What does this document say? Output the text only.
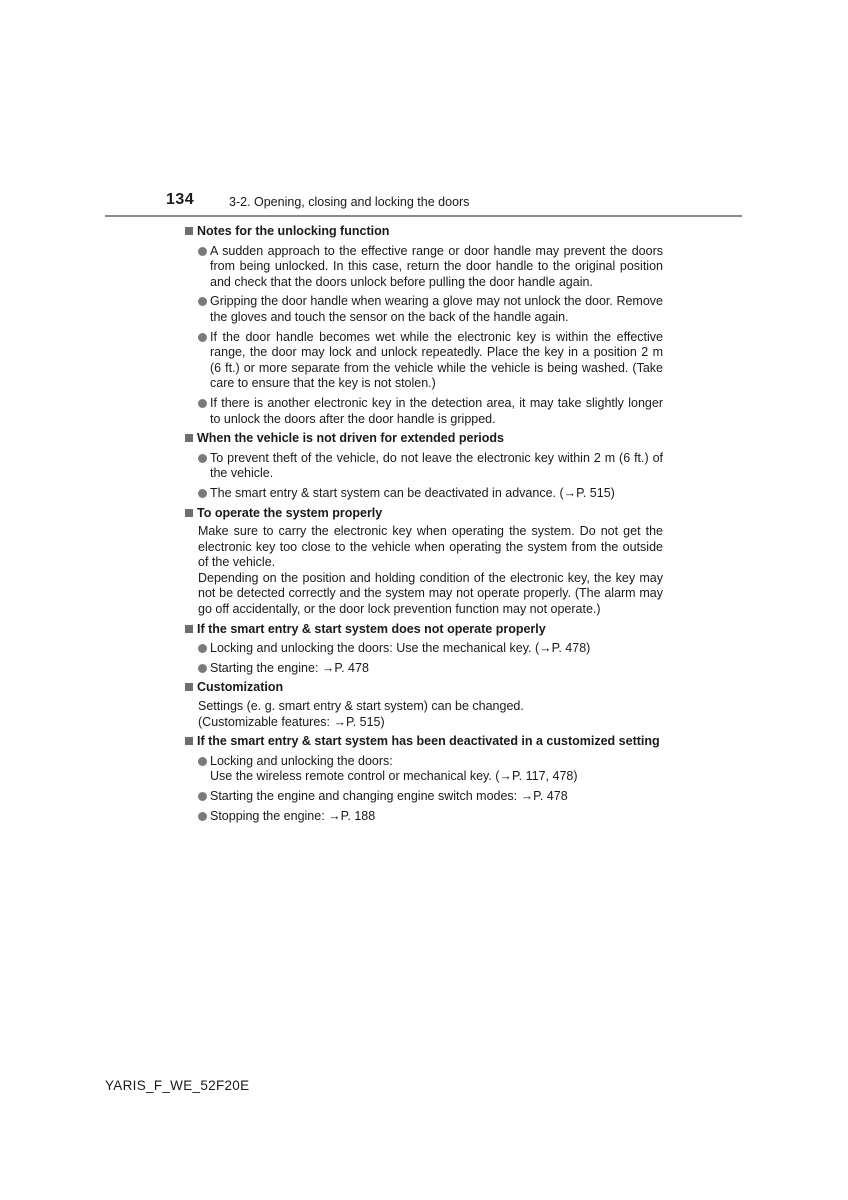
134	3-2. Opening, closing and locking the doors
Notes for the unlocking function
A sudden approach to the effective range or door handle may prevent the doors from being unlocked. In this case, return the door handle to the original position and check that the doors unlock before pulling the door handle again.
Gripping the door handle when wearing a glove may not unlock the door. Remove the gloves and touch the sensor on the back of the handle again.
If the door handle becomes wet while the electronic key is within the effective range, the door may lock and unlock repeatedly. Place the key in a position 2 m (6 ft.) or more separate from the vehicle while the vehicle is being washed. (Take care to ensure that the key is not stolen.)
If there is another electronic key in the detection area, it may take slightly longer to unlock the doors after the door handle is gripped.
When the vehicle is not driven for extended periods
To prevent theft of the vehicle, do not leave the electronic key within 2 m (6 ft.) of the vehicle.
The smart entry & start system can be deactivated in advance. (→P. 515)
To operate the system properly
Make sure to carry the electronic key when operating the system. Do not get the electronic key too close to the vehicle when operating the system from the outside of the vehicle.
Depending on the position and holding condition of the electronic key, the key may not be detected correctly and the system may not operate properly. (The alarm may go off accidentally, or the door lock prevention function may not operate.)
If the smart entry & start system does not operate properly
Locking and unlocking the doors: Use the mechanical key. (→P. 478)
Starting the engine: →P. 478
Customization
Settings (e. g. smart entry & start system) can be changed.
(Customizable features: →P. 515)
If the smart entry & start system has been deactivated in a customized setting
Locking and unlocking the doors:
Use the wireless remote control or mechanical key. (→P. 117, 478)
Starting the engine and changing engine switch modes: →P. 478
Stopping the engine: →P. 188
YARIS_F_WE_52F20E
